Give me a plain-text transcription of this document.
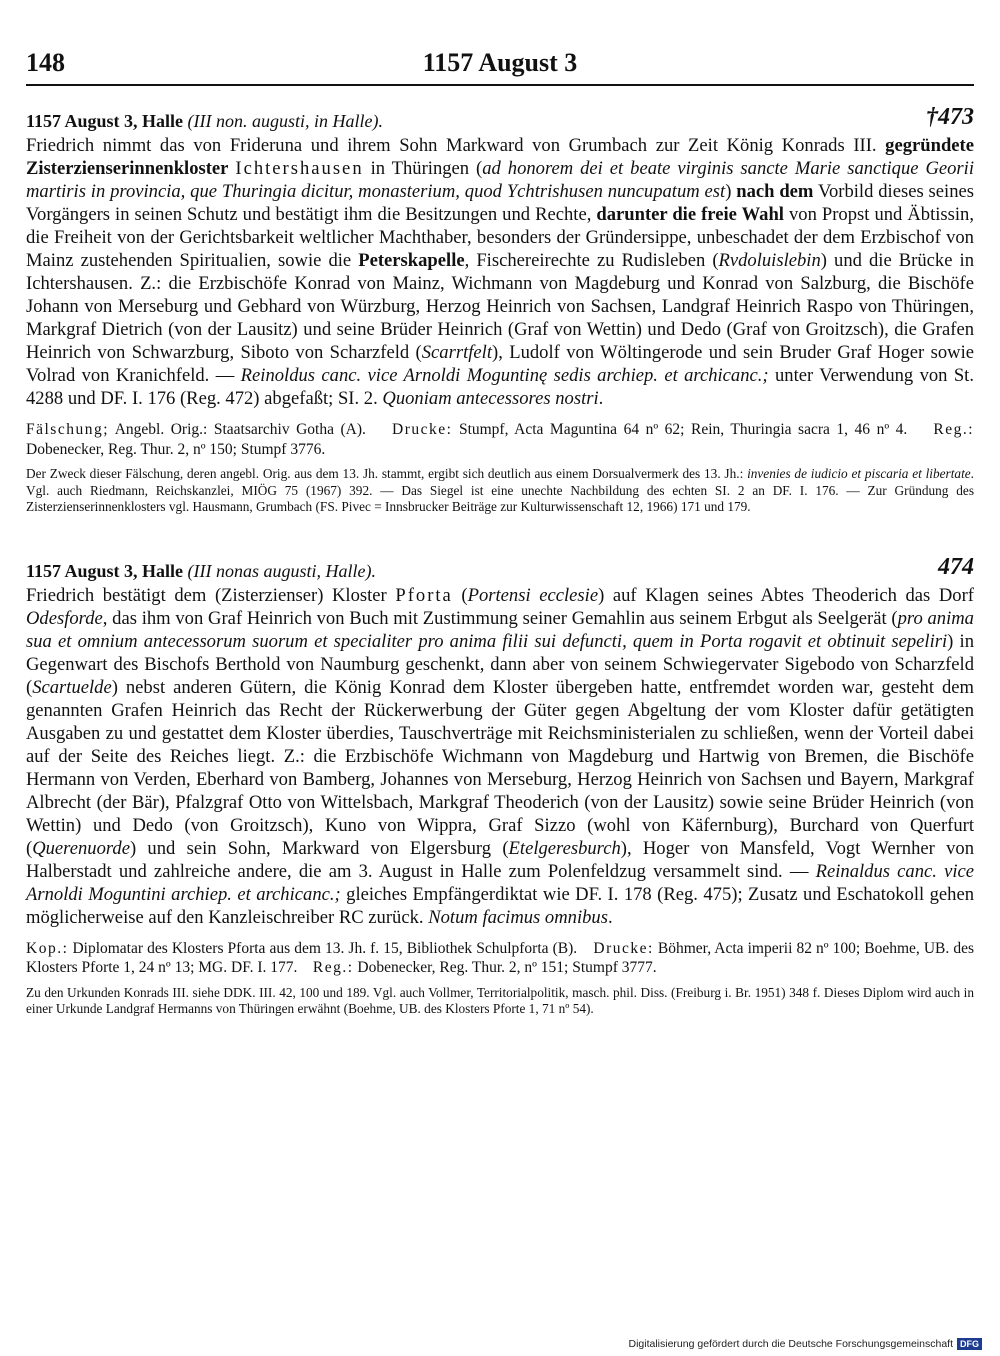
148	1157 August 3
1157 August 3, Halle (III non. augusti, in Halle).	†473

Friedrich nimmt das von Frideruna und ihrem Sohn Markward von Grumbach zur Zeit König Konrads III. gegründete Zisterzienserinnenkloster Ichtershausen in Thüringen (ad honorem dei et beate virginis sancte Marie sanctique Georii martiris in provincia, que Thuringia dicitur, monasterium, quod Ychtrishusen nuncupatum est) nach dem Vorbild dieses seines Vorgängers in seinen Schutz und bestätigt ihm die Besitzungen und Rechte, darunter die freie Wahl von Propst und Äbtissin, die Freiheit von der Gerichtsbarkeit weltlicher Machthaber, besonders der Gründersippe, unbeschadet der dem Erzbischof von Mainz zustehenden Spiritualien, sowie die Peterskapelle, Fischereirechte zu Rudisleben (Rvdoluislebin) und die Brücke in Ichtershausen. Z.: die Erzbischöfe Konrad von Mainz, Wichmann von Magdeburg und Konrad von Salzburg, die Bischöfe Johann von Merseburg und Gebhard von Würzburg, Herzog Heinrich von Sachsen, Landgraf Heinrich Raspo von Thüringen, Markgraf Dietrich (von der Lausitz) und seine Brüder Heinrich (Graf von Wettin) und Dedo (Graf von Groitzsch), die Grafen Heinrich von Schwarzburg, Siboto von Scharzfeld (Scarrtfelt), Ludolf von Wöltingerode und sein Bruder Graf Hoger sowie Volrad von Kranichfeld. — Reinoldus canc. vice Arnoldi Moguntinę sedis archiep. et archicanc.; unter Verwendung von St. 4288 und DF. I. 176 (Reg. 472) abgefaßt; SI. 2. Quoniam antecessores nostri.

Fälschung; Angebl. Orig.: Staatsarchiv Gotha (A). Drucke: Stumpf, Acta Maguntina 64 nº 62; Rein, Thuringia sacra 1, 46 nº 4. Reg.: Dobenecker, Reg. Thur. 2, nº 150; Stumpf 3776.
Der Zweck dieser Fälschung, deren angebl. Orig. aus dem 13. Jh. stammt, ergibt sich deutlich aus einem Dorsualvermerk des 13. Jh.: invenies de iudicio et piscaria et libertate. Vgl. auch Riedmann, Reichskanzlei, MIÖG 75 (1967) 392. — Das Siegel ist eine unechte Nachbildung des echten SI. 2 an DF. I. 176. — Zur Gründung des Zisterzienserinnenklosters vgl. Hausmann, Grumbach (FS. Pivec = Innsbrucker Beiträge zur Kulturwissenschaft 12, 1966) 171 und 179.
1157 August 3, Halle (III nonas augusti, Halle).	474

Friedrich bestätigt dem (Zisterzienser) Kloster Pforta (Portensi ecclesie) auf Klagen seines Abtes Theoderich das Dorf Odesforde, das ihm von Graf Heinrich von Buch mit Zustimmung seiner Gemahlin aus seinem Erbgut als Seelgerät (pro anima sua et omnium antecessorum suorum et specialiter pro anima filii sui defuncti, quem in Porta rogavit et obtinuit sepeliri) in Gegenwart des Bischofs Berthold von Naumburg geschenkt, dann aber von seinem Schwiegervater Sigebodo von Scharzfeld (Scartuelde) nebst anderen Gütern, die König Konrad dem Kloster übergeben hatte, entfremdet worden war, gesteht dem genannten Grafen Heinrich das Recht der Rückerwerbung der Güter gegen Abgeltung der vom Kloster dafür getätigten Ausgaben zu und gestattet dem Kloster überdies, Tauschverträge mit Reichsministerialen zu schließen, wenn der Vorteil dabei auf der Seite des Reiches liegt. Z.: die Erzbischöfe Wichmann von Magdeburg und Hartwig von Bremen, die Bischöfe Hermann von Verden, Eberhard von Bamberg, Johannes von Merseburg, Herzog Heinrich von Sachsen und Bayern, Markgraf Albrecht (der Bär), Pfalzgraf Otto von Wittelsbach, Markgraf Theoderich (von der Lausitz) sowie seine Brüder Heinrich (von Wettin) und Dedo (von Groitzsch), Kuno von Wippra, Graf Sizzo (wohl von Käfernburg), Burchard von Querfurt (Querenuorde) und sein Sohn, Markward von Elgersburg (Etelgeresburch), Hoger von Mansfeld, Vogt Wernher von Halberstadt und zahlreiche andere, die am 3. August in Halle zum Polenfeldzug versammelt sind. — Reinaldus canc. vice Arnoldi Moguntini archiep. et archicanc.; gleiches Empfängerdiktat wie DF. I. 178 (Reg. 475); Zusatz und Eschatokoll gehen möglicherweise auf den Kanzleischreiber RC zurück. Notum facimus omnibus.

Kop.: Diplomatar des Klosters Pforta aus dem 13. Jh. f. 15, Bibliothek Schulpforta (B). Drucke: Böhmer, Acta imperii 82 nº 100; Boehme, UB. des Klosters Pforte 1, 24 nº 13; MG. DF. I. 177. Reg.: Dobenecker, Reg. Thur. 2, nº 151; Stumpf 3777.
Zu den Urkunden Konrads III. siehe DDK. III. 42, 100 und 189. Vgl. auch Vollmer, Territorialpolitik, masch. phil. Diss. (Freiburg i. Br. 1951) 348 f. Dieses Diplom wird auch in einer Urkunde Landgraf Hermanns von Thüringen erwähnt (Boehme, UB. des Klosters Pforte 1, 71 nº 54).
Digitalisierung gefördert durch die Deutsche Forschungsgemeinschaft DFG
